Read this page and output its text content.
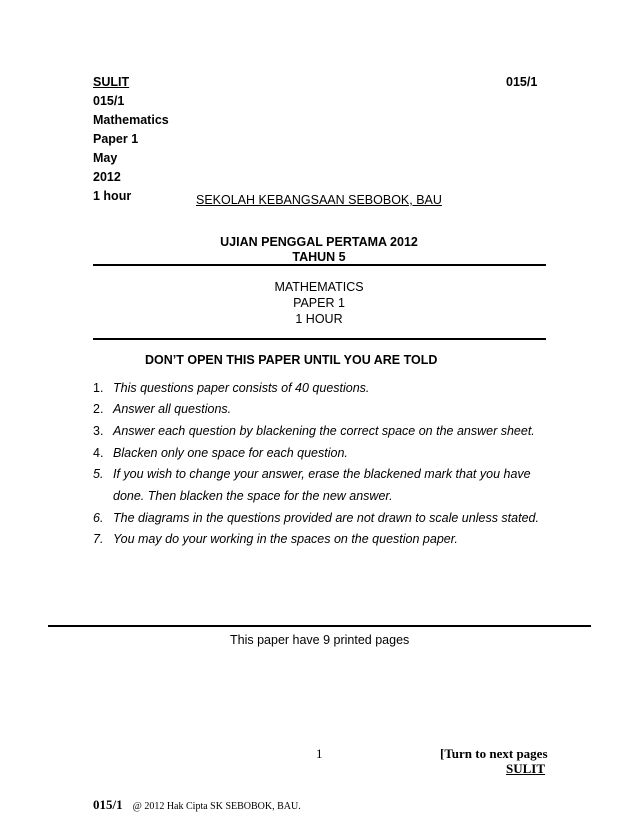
SULIT	015/1
015/1
Mathematics
Paper 1
May
2012
1 hour	SEKOLAH KEBANGSAAN SEBOBOK, BAU
UJIAN PENGGAL PERTAMA 2012
TAHUN 5
MATHEMATICS
PAPER 1
1 HOUR
DON’T OPEN THIS PAPER UNTIL YOU ARE TOLD
1. This questions paper consists of 40 questions.
2. Answer all questions.
3. Answer each question by blackening the correct space on the answer sheet.
4. Blacken only one space for each question.
5. If you wish to change your answer, erase the blackened mark that you have
done. Then blacken the space for the new answer.
6. The diagrams in the questions provided are not drawn to scale unless stated.
7. You may do your working in the spaces on the question paper.
This paper have 9 printed pages
1	[Turn to next pages
SULIT
015/1 @ 2012 Hak Cipta SK SEBOBOK, BAU.
